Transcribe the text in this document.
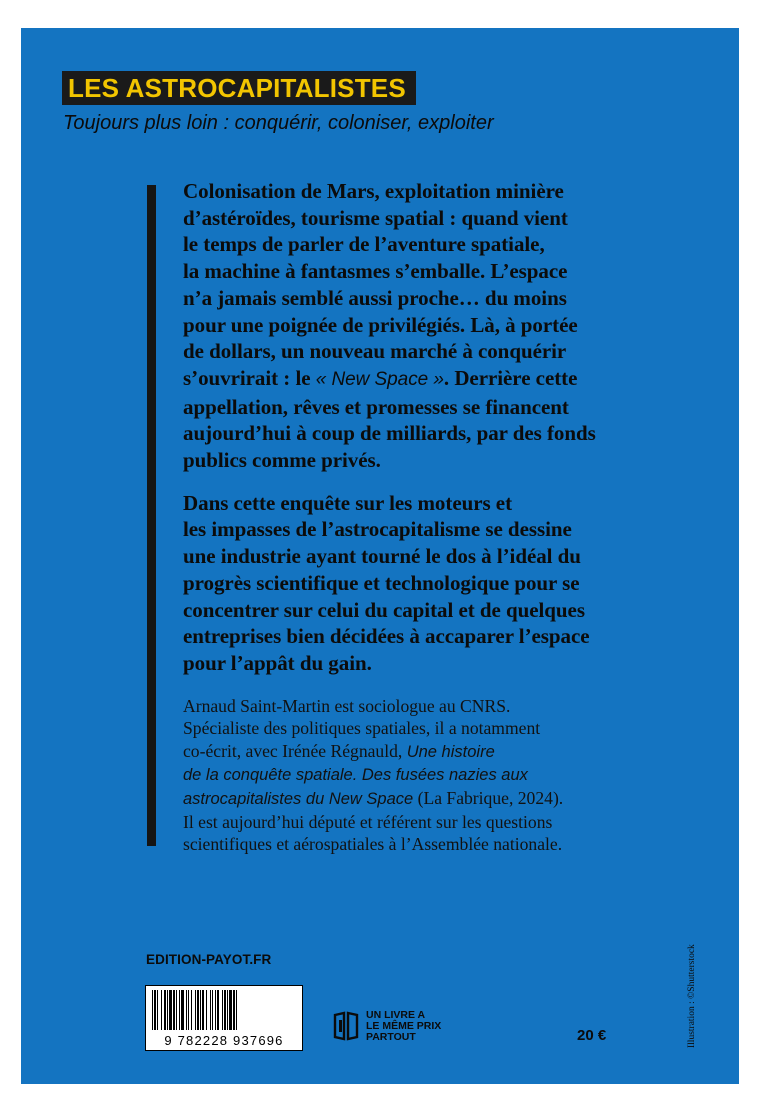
LES ASTROCAPITALISTES
Toujours plus loin : conquérir, coloniser, exploiter

Colonisation de Mars, exploitation minière
d’astéroïdes, tourisme spatial : quand vient
le temps de parler de l’aventure spatiale,
la machine à fantasmes s’emballe. L’espace
n’a jamais semblé aussi proche… du moins
pour une poignée de privilégiés. Là, à portée
de dollars, un nouveau marché à conquérir
s’ouvrirait : le « New Space ». Derrière cette
appellation, rêves et promesses se financent
aujourd’hui à coup de milliards, par des fonds
publics comme privés.

Dans cette enquête sur les moteurs et
les impasses de l’astrocapitalisme se dessine
une industrie ayant tourné le dos à l’idéal du
progrès scientifique et technologique pour se
concentrer sur celui du capital et de quelques
entreprises bien décidées à accaparer l’espace
pour l’appât du gain.

Arnaud Saint-Martin est sociologue au CNRS.
Spécialiste des politiques spatiales, il a notamment
co-écrit, avec Irénée Régnauld, Une histoire
de la conquête spatiale. Des fusées nazies aux
astrocapitalistes du New Space (La Fabrique, 2024).
Il est aujourd’hui député et référent sur les questions
scientifiques et aérospatiales à l’Assemblée nationale.

EDITION-PAYOT.FR
9 782228 937696
UN LIVRE A
LE MÊME PRIX
PARTOUT	20 €	Illustration : ©Shutterstock
